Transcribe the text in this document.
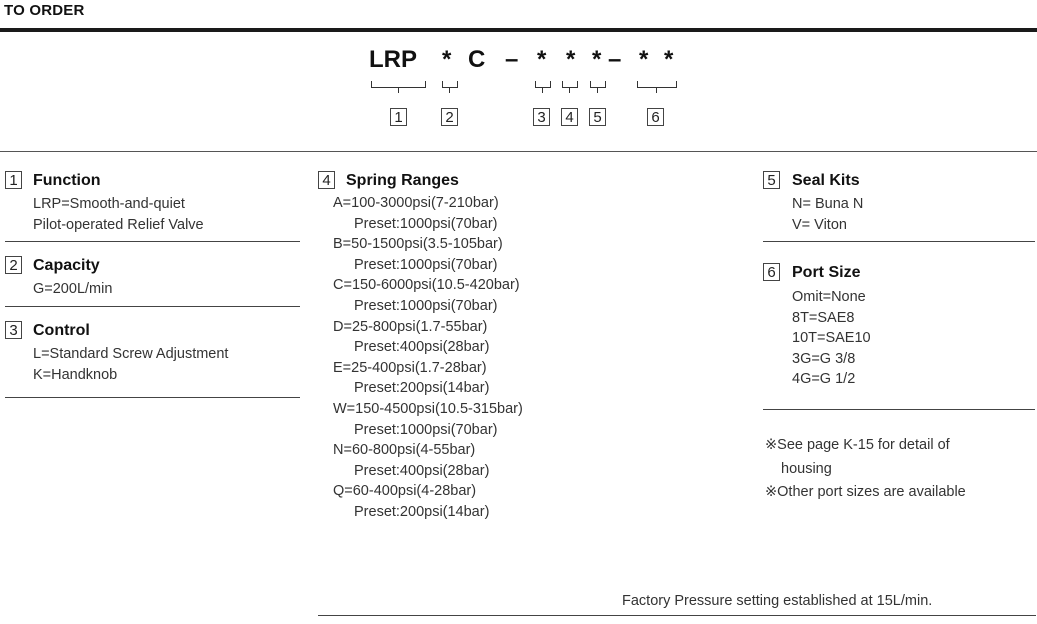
TO ORDER
LRP * C – * * * – * *
1	2	3 4 5	6
1 Function
LRP=Smooth-and-quiet
Pilot-operated Relief Valve
2 Capacity
G=200L/min
3 Control
L=Standard Screw Adjustment
K=Handknob
4 Spring Ranges
A=100-3000psi(7-210bar)
Preset:1000psi(70bar)
B=50-1500psi(3.5-105bar)
Preset:1000psi(70bar)
C=150-6000psi(10.5-420bar)
Preset:1000psi(70bar)
D=25-800psi(1.7-55bar)
Preset:400psi(28bar)
E=25-400psi(1.7-28bar)
Preset:200psi(14bar)
W=150-4500psi(10.5-315bar)
Preset:1000psi(70bar)
N=60-800psi(4-55bar)
Preset:400psi(28bar)
Q=60-400psi(4-28bar)
Preset:200psi(14bar)
Factory Pressure setting established at 15L/min.
5 Seal Kits
N= Buna N
V= Viton
6 Port Size
Omit=None
8T=SAE8
10T=SAE10
3G=G 3/8
4G=G 1/2
※See page K-15 for detail of
housing
※Other port sizes are available
